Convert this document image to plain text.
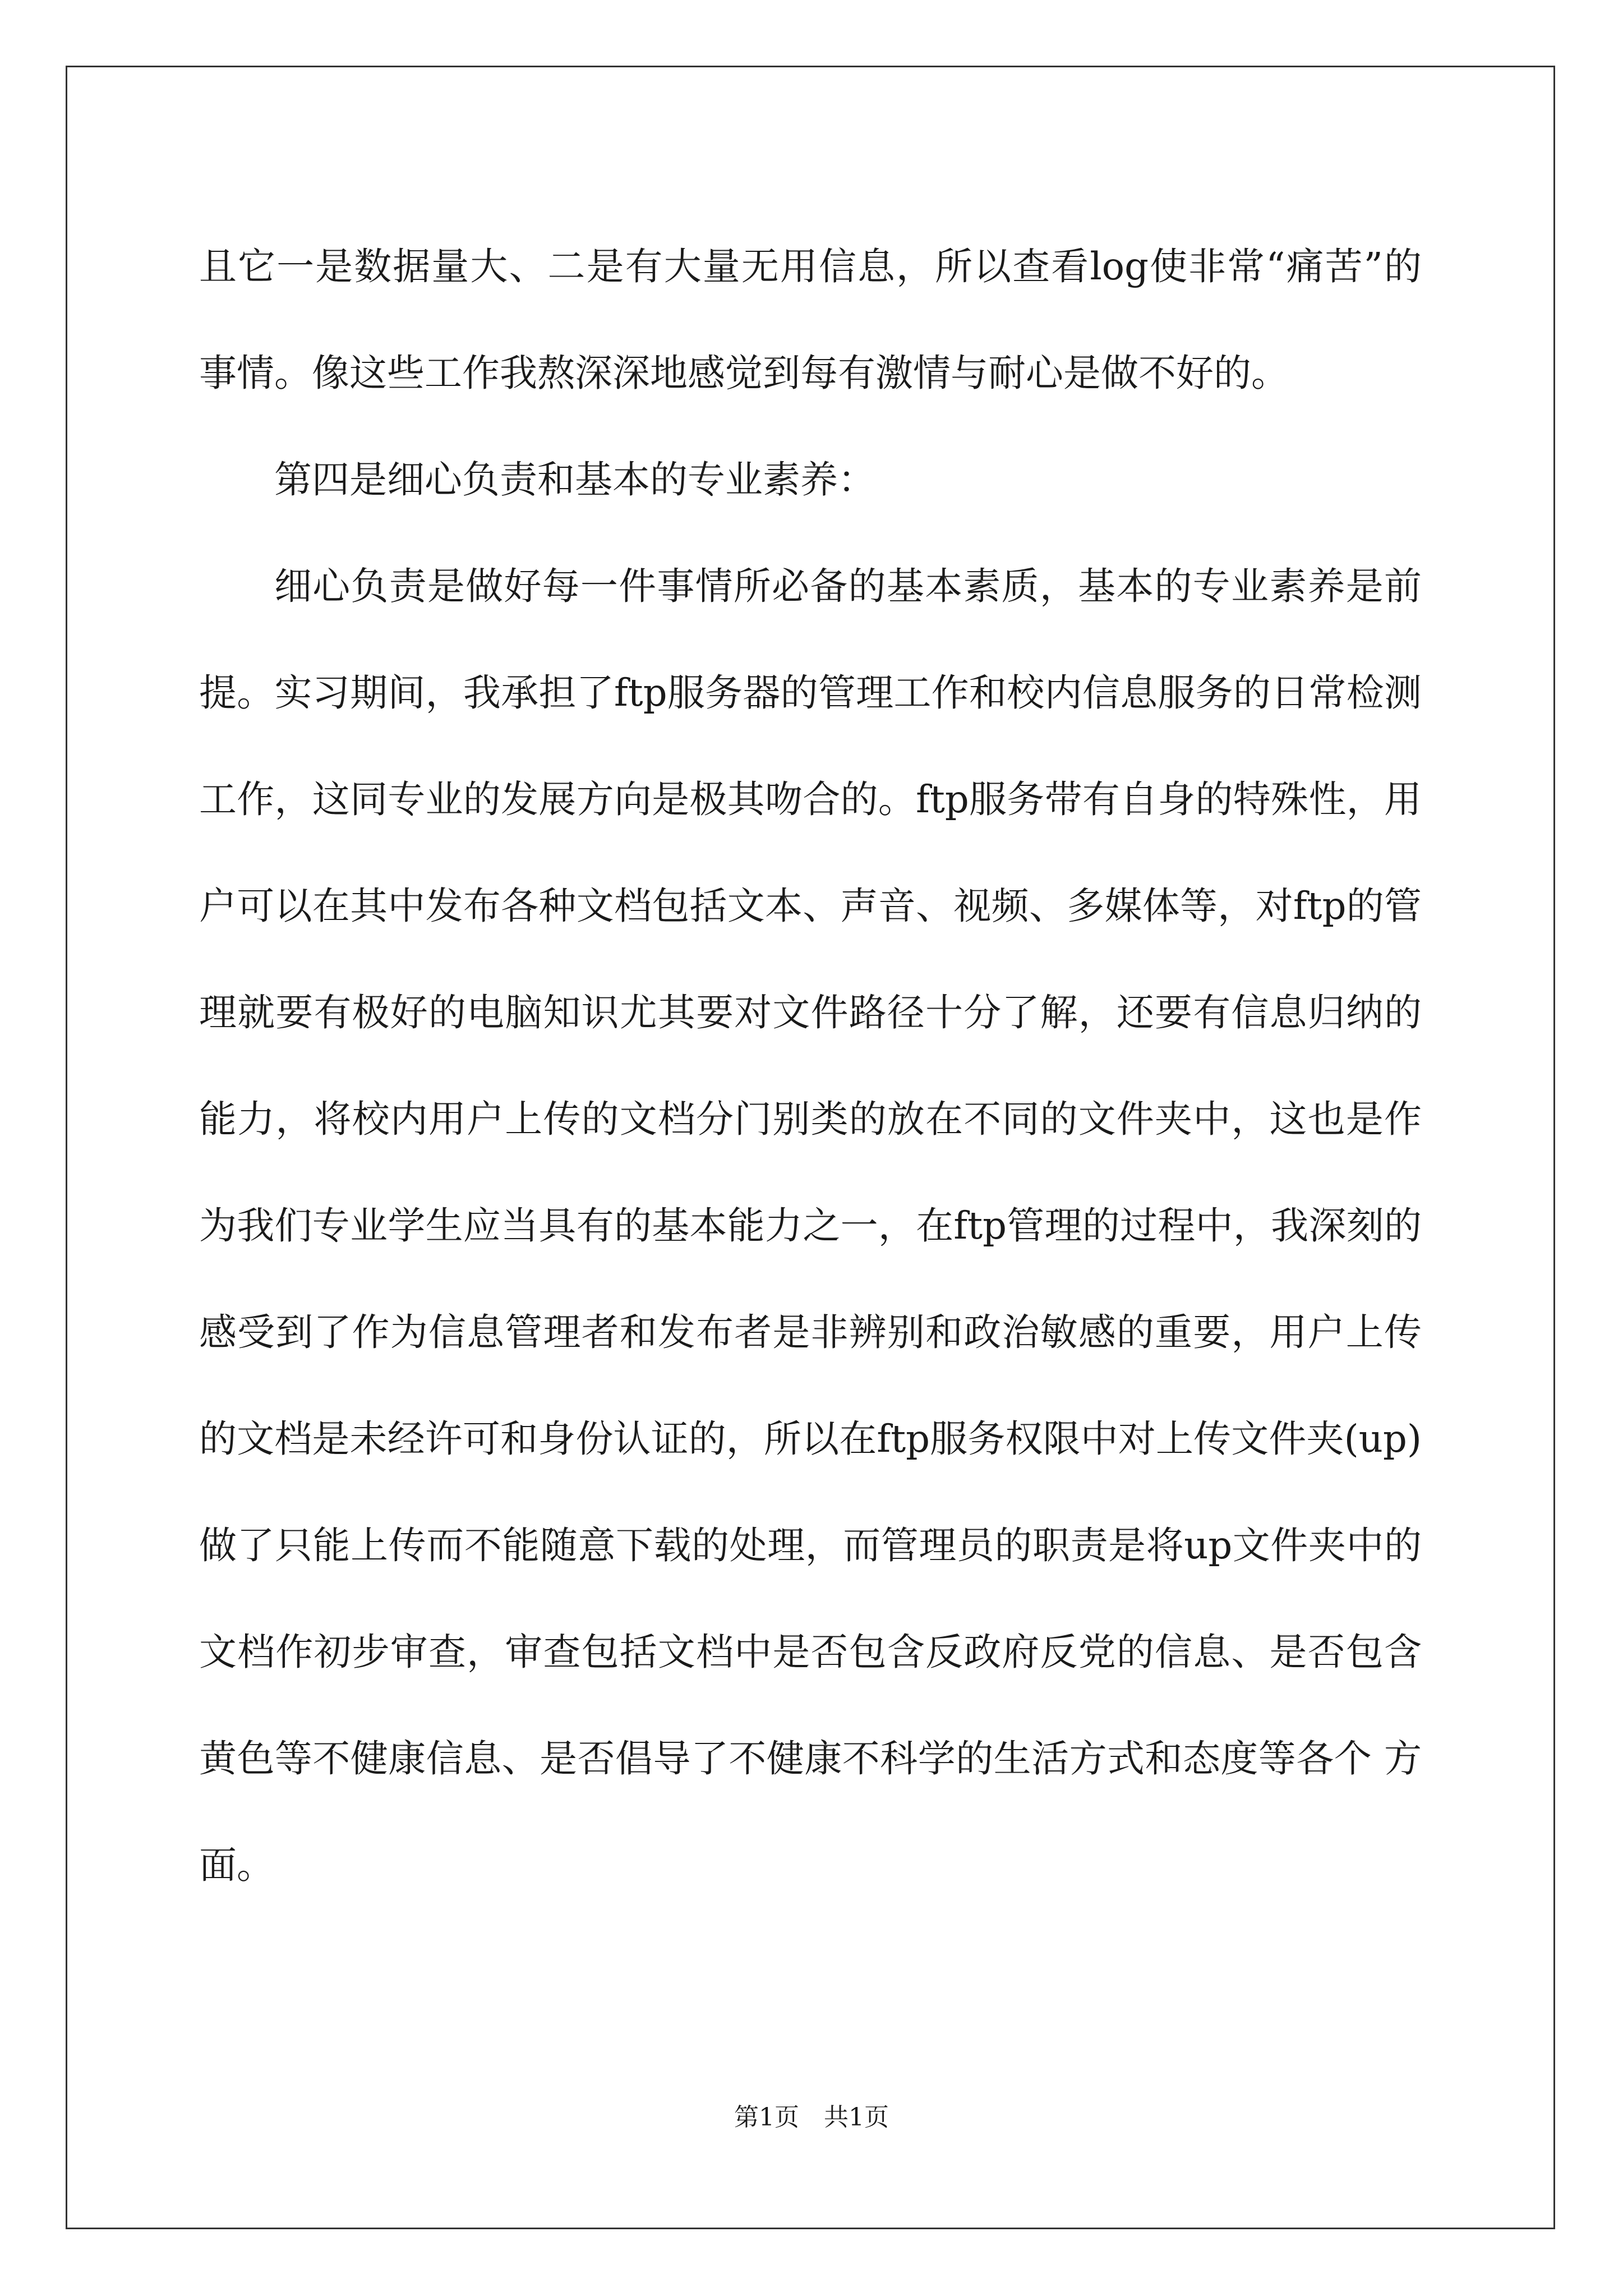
且它一是数据量大、二是有大量无用信息，所以查看log使非常“痛苦”的事情。像这些工作我熬深深地感觉到每有激情与耐心是做不好的。

第四是细心负责和基本的专业素养：

细心负责是做好每一件事情所必备的基本素质，基本的专业素养是前提。实习期间，我承担了ftp服务器的管理工作和校内信息服务的日常检测工作，这同专业的发展方向是极其吻合的。ftp服务带有自身的特殊性，用户可以在其中发布各种文档包括文本、声音、视频、多媒体等，对ftp的管理就要有极好的电脑知识尤其要对文件路径十分了解，还要有信息归纳的能力，将校内用户上传的文档分门别类的放在不同的文件夹中，这也是作为我们专业学生应当具有的基本能力之一，在ftp管理的过程中，我深刻的感受到了作为信息管理者和发布者是非辨别和政治敏感的重要，用户上传的文档是未经许可和身份认证的，所以在ftp服务权限中对上传文件夹(up)做了只能上传而不能随意下载的处理，而管理员的职责是将up文件夹中的文档作初步审查，审查包括文档中是否包含反政府反党的信息、是否包含黄色等不健康信息、是否倡导了不健康不科学的生活方式和态度等各个 方面。

第1页　共1页
